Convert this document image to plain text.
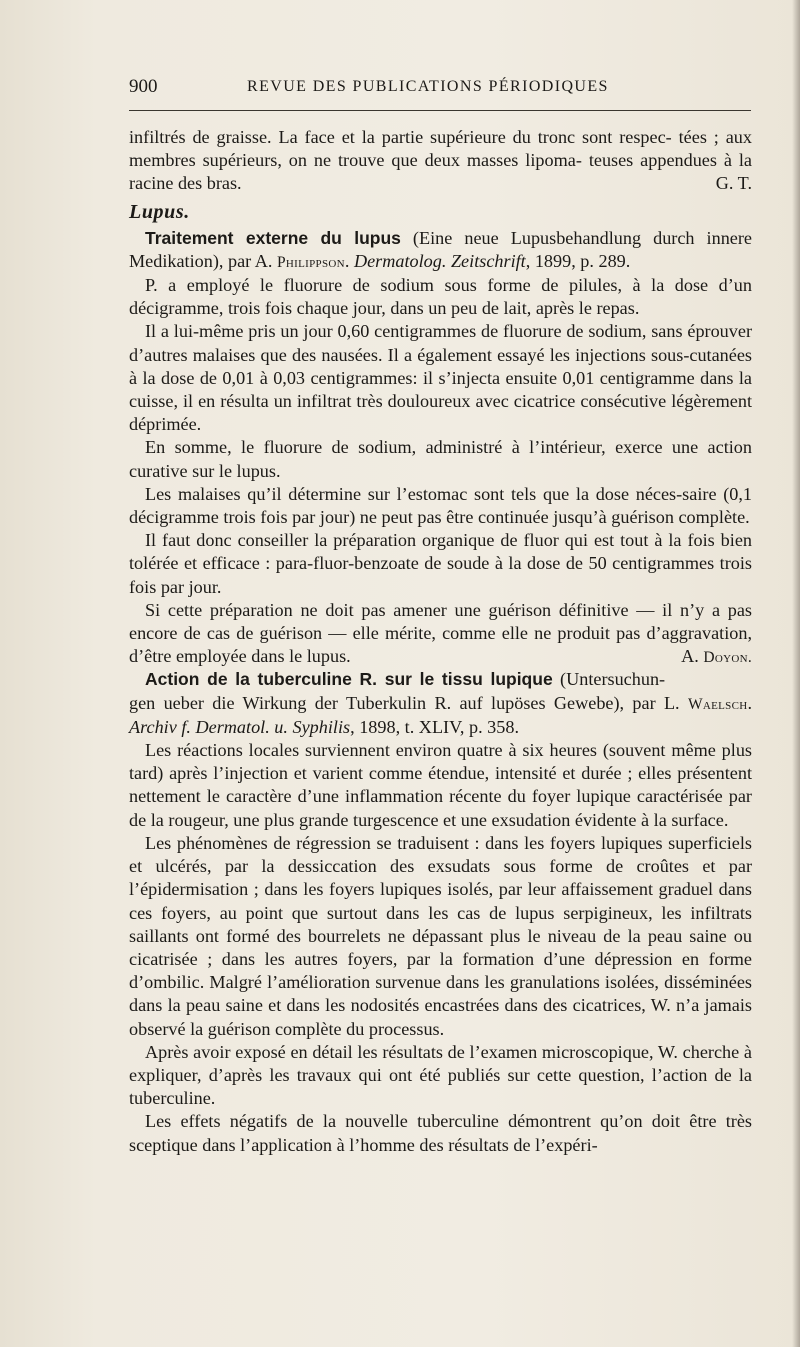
900	REVUE DES PUBLICATIONS PÉRIODIQUES

infiltrés de graisse. La face et la partie supérieure du tronc sont respec- tées ; aux membres supérieurs, on ne trouve que deux masses lipoma- teuses appendues à la racine des bras.	G. T.

Lupus.

Traitement externe du lupus (Eine neue Lupusbehandlung durch innere Medikation), par A. Philippson. Dermatolog. Zeitschrift, 1899, p. 289.

P. a employé le fluorure de sodium sous forme de pilules, à la dose d’un décigramme, trois fois chaque jour, dans un peu de lait, après le repas.

Il a lui-même pris un jour 0,60 centigrammes de fluorure de sodium, sans éprouver d’autres malaises que des nausées. Il a également essayé les injections sous-cutanées à la dose de 0,01 à 0,03 centigrammes: il s’injecta ensuite 0,01 centigramme dans la cuisse, il en résulta un infiltrat très douloureux avec cicatrice consécutive légèrement déprimée.

En somme, le fluorure de sodium, administré à l’intérieur, exerce une action curative sur le lupus.

Les malaises qu’il détermine sur l’estomac sont tels que la dose néces-saire (0,1 décigramme trois fois par jour) ne peut pas être continuée jusqu’à guérison complète.

Il faut donc conseiller la préparation organique de fluor qui est tout à la fois bien tolérée et efficace : para-fluor-benzoate de soude à la dose de 50 centigrammes trois fois par jour.

Si cette préparation ne doit pas amener une guérison définitive — il n’y a pas encore de cas de guérison — elle mérite, comme elle ne produit pas d’aggravation, d’être employée dans le lupus.	A. Doyon.

Action de la tuberculine R. sur le tissu lupique (Untersuchun-gen ueber die Wirkung der Tuberkulin R. auf lupöses Gewebe), par L. Waelsch. Archiv f. Dermatol. u. Syphilis, 1898, t. XLIV, p. 358.

Les réactions locales surviennent environ quatre à six heures (souvent même plus tard) après l’injection et varient comme étendue, intensité et durée ; elles présentent nettement le caractère d’une inflammation récente du foyer lupique caractérisée par de la rougeur, une plus grande turgescence et une exsudation évidente à la surface.

Les phénomènes de régression se traduisent : dans les foyers lupiques superficiels et ulcérés, par la dessiccation des exsudats sous forme de croûtes et par l’épidermisation ; dans les foyers lupiques isolés, par leur affaissement graduel dans ces foyers, au point que surtout dans les cas de lupus serpigineux, les infiltrats saillants ont formé des bourrelets ne dépassant plus le niveau de la peau saine ou cicatrisée ; dans les autres foyers, par la formation d’une dépression en forme d’ombilic. Malgré l’amélioration survenue dans les granulations isolées, disséminées dans la peau saine et dans les nodosités encastrées dans des cicatrices, W. n’a jamais observé la guérison complète du processus.

Après avoir exposé en détail les résultats de l’examen microscopique, W. cherche à expliquer, d’après les travaux qui ont été publiés sur cette question, l’action de la tuberculine.

Les effets négatifs de la nouvelle tuberculine démontrent qu’on doit être très sceptique dans l’application à l’homme des résultats de l’expéri-
